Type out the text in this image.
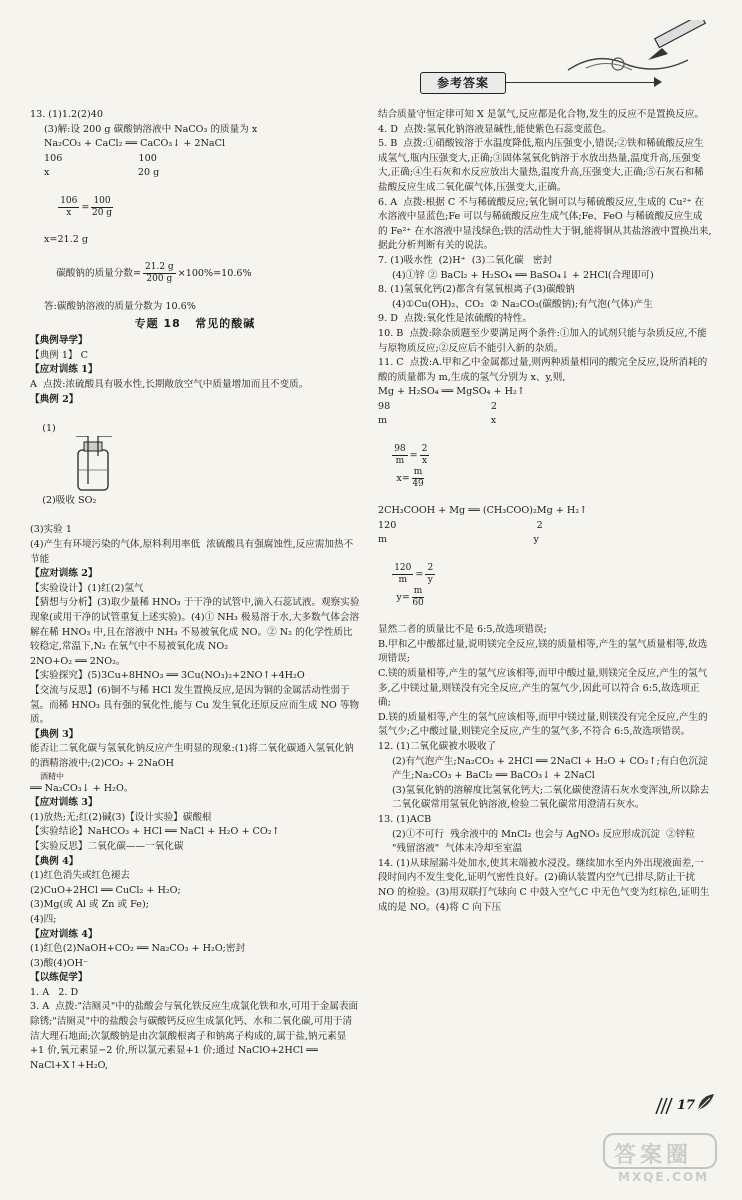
参考答案

13. (1)1.2(2)40

(3)解:设 200 g 碳酸钠溶液中 NaCO₃ 的质量为 x

Na₂CO₃ + CaCl₂ ══ CaCO₃↓ + 2NaCl

106                         100

x                             20 g

$\frac{106}{x} = \frac{100}{20 g}$

x=21.2 g

碳酸钠的质量分数= $\frac{21.2 g}{200 g} \times 100\%=10.6\%$

答:碳酸钠溶液的质量分数为 10.6%

专题 18   常见的酸碱

【典例导学】

【典例 1】 C

【应对训练 1】

A  点拨:浓硫酸具有吸水性,长期敞放空气中质量增加而且不变质。

【典例 2】

(1)

(2)吸收 SO₂

(3)实验 1

(4)产生有环境污染的气体,原料利用率低  浓硫酸具有强腐蚀性,反应需加热不节能

【应对训练 2】

【实验设计】(1)红(2)氢气

【猜想与分析】(3)取少量稀 HNO₃ 于干净的试管中,滴入石蕊试液。观察实验现象(或用干净的试管重复上述实验)。(4)① NH₃ 极易溶于水,大多数气体会溶解在稀 HNO₃ 中,且在溶液中 NH₃ 不易被氧化成 NO。② N₂ 的化学性质比较稳定,常温下,N₂ 在氧气中不易被氧化成 NO₂

2NO+O₂ ══ 2NO₂。

【实验探究】(5)3Cu+8HNO₃ ══ 3Cu(NO₃)₂+2NO↑+4H₂O

【交流与反思】(6)铜不与稀 HCl 发生置换反应,是因为铜的金属活动性弱于氢。而稀 HNO₃ 具有强的氧化性,能与 Cu 发生氧化还原反应而生成 NO 等物质。

【典例 3】

能否让二氧化碳与氢氧化钠反应产生明显的现象:(1)将二氧化碳通入氢氧化钠的酒精溶液中;(2)CO₂ + 2NaOH

酒精中

══ Na₂CO₃↓ + H₂O。

【应对训练 3】

(1)放热;无;红(2)碱(3)【设计实验】碳酸根

【实验结论】NaHCO₃ + HCl ══ NaCl + H₂O + CO₂↑

【实验反思】二氧化碳——一氧化碳

【典例 4】

(1)红色消失或红色褪去

(2)CuO+2HCl ══ CuCl₂ + H₂O;

(3)Mg(或 Al 或 Zn 或 Fe);

(4)四;

【应对训练 4】

(1)红色(2)NaOH+CO₂ ══ Na₂CO₃ + H₂O;密封

(3)酸(4)OH⁻

【以练促学】

1. A   2. D

3. A  点拨:"洁厕灵"中的盐酸会与氧化铁反应生成氯化铁和水,可用于金属表面除锈;"洁厕灵"中的盐酸会与碳酸钙反应生成氯化钙、水和二氧化碳,可用于清洁大理石地面;次氯酸钠是由次氯酸根离子和钠离子构成的,属于盐,钠元素显+1 价,氧元素显−2 价,所以氯元素显+1 价;通过 NaClO+2HCl ══ NaCl+X↑+H₂O,

结合质量守恒定律可知 X 是氯气,反应都是化合物,发生的反应不是置换反应。

4. D  点拨:氢氧化钠溶液显碱性,能使紫色石蕊变蓝色。

5. B  点拨:①硝酸铵溶于水温度降低,瓶内压强变小,错误;②铁和稀硫酸反应生成氢气,瓶内压强变大,正确;③固体氢氧化钠溶于水放出热量,温度升高,压强变大,正确;④生石灰和水反应放出大量热,温度升高,压强变大,正确;⑤石灰石和稀盐酸反应生成二氧化碳气体,压强变大,正确。

6. A  点拨:根据 C 不与稀硫酸反应;氧化铜可以与稀硫酸反应,生成的 Cu²⁺ 在水溶液中显蓝色;Fe 可以与稀硫酸反应生成气体;Fe、FeO 与稀硫酸反应生成的 Fe²⁺ 在水溶液中显浅绿色;铁的活动性大于铜,能将铜从其盐溶液中置换出来,据此分析判断有关的说法。

7. (1)吸水性  (2)H⁺  (3)二氧化碳   密封

(4)①锌 ② BaCl₂ + H₂SO₄ ══ BaSO₄↓ + 2HCl(合理即可)

8. (1)氢氧化钙(2)都含有氢氧根离子(3)碳酸钠

(4)①Cu(OH)₂、CO₂  ② Na₂CO₃(碳酸钠);有气泡(气体)产生

9. D  点拨:氧化性是浓硫酸的特性。

10. B  点拨:除杂质题至少要满足两个条件:①加入的试剂只能与杂质反应,不能与原物质反应;②反应后不能引入新的杂质。

11. C  点拨:A.甲和乙中金属都过量,则两种质量相同的酸完全反应,设所消耗的酸的质量都为 m,生成的氢气分别为 x、y,则,

Mg + H₂SO₄ ══ MgSO₄ + H₂↑

98                                 2

m                                  x

$\frac{98}{m} = \frac{2}{x}$

$x= \frac{m}{49}$

2CH₃COOH + Mg ══ (CH₃COO)₂Mg + H₂↑

120                                              2

m                                                y

$\frac{120}{m} = \frac{2}{y}$

$y= \frac{m}{60}$

显然二者的质量比不是 6:5,故选项错误;

B.甲和乙中酸都过量,说明镁完全反应,镁的质量相等,产生的氢气质量相等,故选项错误;

C.镁的质量相等,产生的氢气应该相等,而甲中酸过量,则镁完全反应,产生的氢气多,乙中镁过量,则镁没有完全反应,产生的氢气少,因此可以符合 6:5,故选项正确;

D.镁的质量相等,产生的氢气应该相等,而甲中镁过量,则镁没有完全反应,产生的氢气少;乙中酸过量,则镁完全反应,产生的氢气多,不符合 6:5,故选项错误。

12. (1)二氧化碳被水吸收了

(2)有气泡产生;Na₂CO₃ + 2HCl ══ 2NaCl + H₂O + CO₂↑;有白色沉淀产生;Na₂CO₃ + BaCl₂ ══ BaCO₃↓ + 2NaCl

(3)氢氧化钠的溶解度比氢氧化钙大;二氧化碳使澄清石灰水变浑浊,所以除去二氧化碳常用氢氧化钠溶液,检验二氧化碳常用澄清石灰水。

13. (1)ACB

(2)①不可行  残余液中的 MnCl₂ 也会与 AgNO₃ 反应形成沉淀  ②锌粒  "残留溶液"  气体未冷却至室温

14. (1)从球屋漏斗处加水,使其末端被水浸没。继续加水至内外出现液面差,一段时间内不发生变化,证明气密性良好。(2)确认装置内空气已排尽,防止干扰 NO 的检验。(3)用双联打气球向 C 中鼓入空气,C 中无色气变为红棕色,证明生成的是 NO。(4)将 C 向下压

17
答案圈
MXQE.COM
